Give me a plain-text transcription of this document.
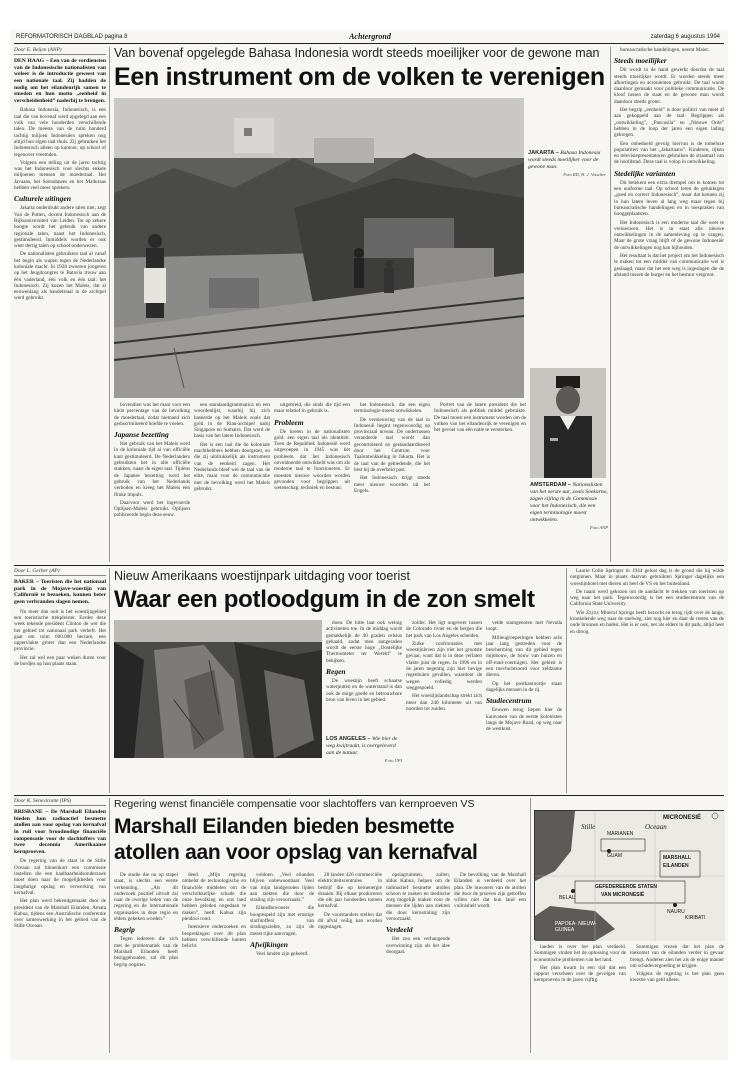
REFORMATORISCH DAGBLAD pagina 8	Achtergrond	zaterdag 6 augustus 1994
Door E. Beijen (ANP)
DEN HAAG – Een van de verdiensten van de Indonesische nationalisten van weleer is de introductie geweest van een nationale taal. Zij hadden de nodig om het eilandenrijk samen te smeden en hun motto „eenheid in verscheidenheid” naderbij te brengen.

Bahasa Indonesia, Indonesisch, is een taal die van bovenaf werd opgelegd aan een volk van vele honderden verschillende talen. De meeste van de ruim honderd tachtig miljoen Indonesiërs spreken nog altijd hun eigen taal thuis. Zij gebruiken het Indonesisch alleen op kantoor, op school of tegenover vreemden.

Volgens een telling uit de jaren tachtig was het Indonesisch voor slechts enkele miljoenen mensen de moedertaal. Het Javaans, het Soendanees en het Maduraas hebben veel meer sprekers.

Culturele uitingen

Jakarta onderdrukt andere talen niet, zegt Van de Putten, docent Indonesisch aan de Rijksuniversiteit van Leiden. Tot op zekere hoogte wordt het gebruik van andere regionale talen, naast het Indonesisch, gestimuleerd. Inmiddels worden er ook weer dertig talen op school onderwezen.

De nationalisten gebruikten taal al vanaf het begin als wapen tegen de Nederlandse koloniale macht. In 1928 zwoeren jongeren op het Jeugdcongres te Batavia trouw aan één vaderland, één volk en één taal: het Indonesisch. Zij kozen het Maleis, dat al eeuwenlang als handelstaal in de archipel werd gebruikt.

Van bovenaf opgelegde Bahasa Indonesia wordt steeds moeilijker voor de gewone man
Een instrument om de volken te verenigen
JAKARTA – Bahasa Indonesia wordt steeds moeilijker voor de gewone man.
Foto RD, H. J. Visscher

bovendien was het maar voor een klein percentage van de bevolking de moedertaal, zodat niemand zich gediscrimineerd hoefde te voelen.

Japanse bezetting

Het gebruik van het Maleis werd in de koloniale tijd al van officiële kant gestimuleerd. De Nederlanders gebruikten het in alle officiële stukken, naast de eigen taal. Tijdens de Japanse bezetting werd het gebruik van het Nederlands verboden en kreeg het Maleis een flinke impuls.

Daarvoor werd het ingevoerde Oplijsen-Maleis gebruikt. Oplijsen pobliceerde begin deze eeuw.

een standaardgrammatica en een woordenlijst, waarbij hij zich baseerde op het Maleis zoals dat gold in de Riau-archipel nabij Singapore en Sumatra. Dat werd de basis van het latere Indonesisch.

Het is een taal die de koloniale machthebbers hebben doorgezet, en die zij uitdrukkelijk als instrument van de eenheid zagen. Het Nederlands bleef wel de taal van de elite, maar voor de communicatie met de bevolking werd het Maleis gebruikt.

uitgebreid, die sinds die tijd een maar relatief in gebruik is.

Probleem

De kreten in de nationalisten gold: een eigen taal als identiteit. Toen de Republiek Indonesië werd uitgeroepen in 1945 was het probleem dat het Indonesisch onvoldoende ontwikkeld was om als moderne taal te functioneren. Er moesten nieuwe woorden worden gevonden voor begrippen uit wetenschap, techniek en bestuur.

het Indonesisch, die een eigen terminologie moest ontwikkelen.

De vernieuwing van de taal in Indonesië begint tegenwoordig op provinciaal niveau. De ondertussen veranderde taal wordt dan gecontroleerd en gestandaardiseerd door het Centrum voor Taalontwikkeling in Jakarta. Het is de taal van de gebiedende, die het best bij de overheid past.

Het Indonesisch krijgt steeds meer nieuwe woorden uit het Engels.

Portret van de latere president die het Indonesisch als politiek middel gebruikte. De taal moest een instrument worden om de volken van het eilandenrijk te verenigen en het gevoel van één natie te versterken.

AMSTERDAM – Nationalisten van het eerste uur, zoals Soekarno, zagen cijling in de Commissie voor het Indonesisch, die een eigen terminologie moest ontwikkelen.
Foto ANP

bureaucratische handelingen, neemt Maier.

Steeds moeilijker

Dit wordt in de hand gewerkt doordat de taal steeds moeilijker wordt. Er worden steeds meer afkortingen en acroniemen gebruikt. De taal wordt daardoor gemaakt voor politieke communicatie. De kloof tussen de staat en de gewone man wordt daardoor steeds groter.

Het begrip „eenheid” is door politici van meet af aan gekoppeld aan de taal. Begrippen als „ontwikkeling”, „Pancasila” en „Nieuwe Orde” hebben in de loop der jaren een eigen lading gekregen.

Een onbedoeld gevolg hiervan is de tomeloze populariteit van het „Jakartaans”. Kinderen, rijken en televisiepresentatoren gebruiken de straattaal van de hoofdstad. Deze taal is volop in ontwikkeling.

Stedelijke varianten

Dit betekent een extra drempel om te komen tot een uniforme taal. Op school leren de gelukkigen „goed en correct Indonesisch”, maar dat kennen zij in hun latere leven al lang weg maar tegen bij bureaucratische handelingen en in toespraken van hooggeplaatsten.

Het Indonesisch is een moderne taal die weet te vernieuwen. Het is in staat alle nieuwe ontwikkelingen in de samenleving op te vangen. Maar de grote vraag blijft of de gewone Indonesiër de ontwikkelingen nog kan bijhouden.

Het resultaat is dat het project om het Indonesisch te maken tot een middel van communicatie wel is geslaagd, maar dat het een weg is ingeslagen die de afstand tussen de burger en het bestuur vergroot.

Door L. Gerber (AP)
BAKER – Toeristen die het nationaal park in de Mojave-woestijn van Californië te bezoeken, kunnen beter geen verbranden slagen nemen.

Nu meer dan ooit is het woestijngebied een toeristische trekpleister. Eerder deze week tekende president Clinton de wet die het gebied tot nationaal park verheft. Het gaat om ruim 600.000 hectare, een oppervlakte groter dan een Nederlandse provincie.

Het zal wel een paar weken duren voor de bordjes op hun plaats staan.

Nieuw Amerikaans woestijnpark uitdaging voor toerist
Waar een potloodgum in de zon smelt

doen. De hitte laat ook weinig activiteiten toe. In de middag wordt gemakkelijk de 40 graden celsius gehaald, zodat men aangeraden wordt de eerste hoge „Oostelijke Thermometer ter Wereld” te bekijken.

Regen

De woestijn heeft schaarse waterputten en de waterstand is dan ook de enige goede en betrouwbare bron van leven in het gebied.

LOS ANGELES – Wie hier de weg kwijtraakt, is overgeleverd aan de natuur.
Foto UPI

zolder. Het ligt ongeveer tussen de Colorado rivier en de bergen die het park van Los Angeles scheiden.

Zulke confrontaties met woestijnleven zijn niet het grootste gevaar, want dat is in deze verlaten vlakte juist de regen. In 1996 en in de jaren negentig zijn hier hevige regenbuien gevallen, waardoor de wegen volledig werden weggespoeld.

Het woestijnlandschap strekt zich meer dan 240 kilometer uit van noorden tot zuiden.

velde stamgenoten met Nevada loopt.

Milieugroeperingen hebben acht jaar lang gestreden voor de bescherming van dit gebied tegen mijnbouw, de bouw van huizen en off-road-voertuigen. Het gebied is een toevluchtsoord voor zeldzame dieren.

Op het postkantoortje staan dagelijks mensen in de rij.

Studiecentrum

Eeuwen terug liepen hier de karavanen van de eerste kolonisten langs de Mojave Road, op weg naar de westkust.

Laurie Colin Springer in 1944 gelost dag is de grond die hij wilde ontginnen. Maar in plaats daarvan gebruikten Springer dagelijks een woestijnhotel met dieren uit heel de VS en het buitenland.

De naam werd gekozen om de aandacht te trekken van toeristen op weg naar het park. Tegenwoordig is het een studiecentrum van de California State University.

Wie Zzyzx Mineral Springs heeft bezocht en terug rijdt over de lange, kronkelende weg naar de snelweg, ziet nog hier en daar de resten van de oude bronnen en baden. Het is er ook, net als elders in dit park, altijd heet en droog.

Door K. Senevirante (IPS)
BRISBANE – De Marshall Eilanden bieden hun radioactief besmette atollen aan voor opslag van kernafval in ruil voor broodnodige financiële compensatie voor de slachtoffers van twee decennia Amerikaanse kernproeven.

De regering van de staat in de Stille Oceaan zal binnenkort een commissie instellen die een haalbaarheidsonderzoek moet doen naar de mogelijkheden voor langdurige opslag en verwerking van kernafval.

Het plan werd bekendgemaakt door de president van de Marshall Eilanden, Amata Kabua, tijdens een Australische conferentie over samenwerking in het gebied van de Stille Oceaan.

Regering wenst financiële compensatie voor slachtoffers van kernproeven VS
Marshall Eilanden bieden besmette
atollen aan voor opslag van kernafval

De studie die nu op stapel staat, is slechts een eerste verkenning. „Als dit onderzoek positief uitvalt zal naar de overige leden van de regering en de internationale organisaties in deze regio en elders gekeken worden.”

Begrip

Tegen iedereen die zich met de problematiek van de Marshall Eilanden heeft beziggehouden, zal dit plan begrip oogsten.

deed. „Mijn regering omhelst de technologische en financiële middelen om de verschrikkelijke schade die onze bevolking en ons land hebben geleden ongedaan te maken”, heeft Kabua zijn pleidooi rond.

Intensieve onderzoeken en besprekingen over dit plan hebben verschillende kanten belicht.

voldoen. „Veel eilanden blijven onbewoonbaar. Veel van mijn landgenoten lijden aan ziekten die door de straling zijn veroorzaakt.”

Eilandbewoners die hoogtespeld zijn met ernstige slachtoffers van stralingsziekte, zo zijn de meest rijke aanvragen.

Afwijkingen

Veel landen zijn gekeerd.

28 landen 426 commerciële elektriciteitscentrales in bedrijf die op kernenergie draaien. Bij elkaar produceren die elk jaar honderden tonnen kernafval.

De voorstanders stellen dat dit afval veilig kan worden opgeslagen.

opslagruimten, zullen, aldus Kabua, helpen om de radioactief besmette atollen schoon te maken en medische zorg mogelijk maken voor de mensen die lijden aan ziekten die door kernstraling zijn veroorzaakt.

Verdeeld

Het zou een verhangende overwinning zijn als het idee doorgaat.

De bevolking van de Marshall Eilanden is verdeeld over het plan. De inwoners van de atollen die door de proeven zijn getroffen willen niet dat hun land een vuilnisbelt wordt.

MICRONESIË
Stille	Oceaan
MARIANEN
GUAM	MARSHALL
EILANDEN
BELAU
GEFEDEREERDE STATEN
VAN MICRONESIË
PAPOEA- NIEUW-GUINEA
NAURU
KIRIBATI

landen is over het plan verdeeld. Sommigen vinden het de oplossing voor de economische problemen van het land.

Het plan kwam in een tijd dat een rapport verscheen over de gevolgen van kernproeven in de jaren vijftig.

Sommigen vrezen dat het plan de toekomst van de eilanden verder in gevaar brengt. Anderen zien het als de enige manier om schadevergoeding te krijgen.

Volgens de regering is het plan geen kwestie van geld alleen.
